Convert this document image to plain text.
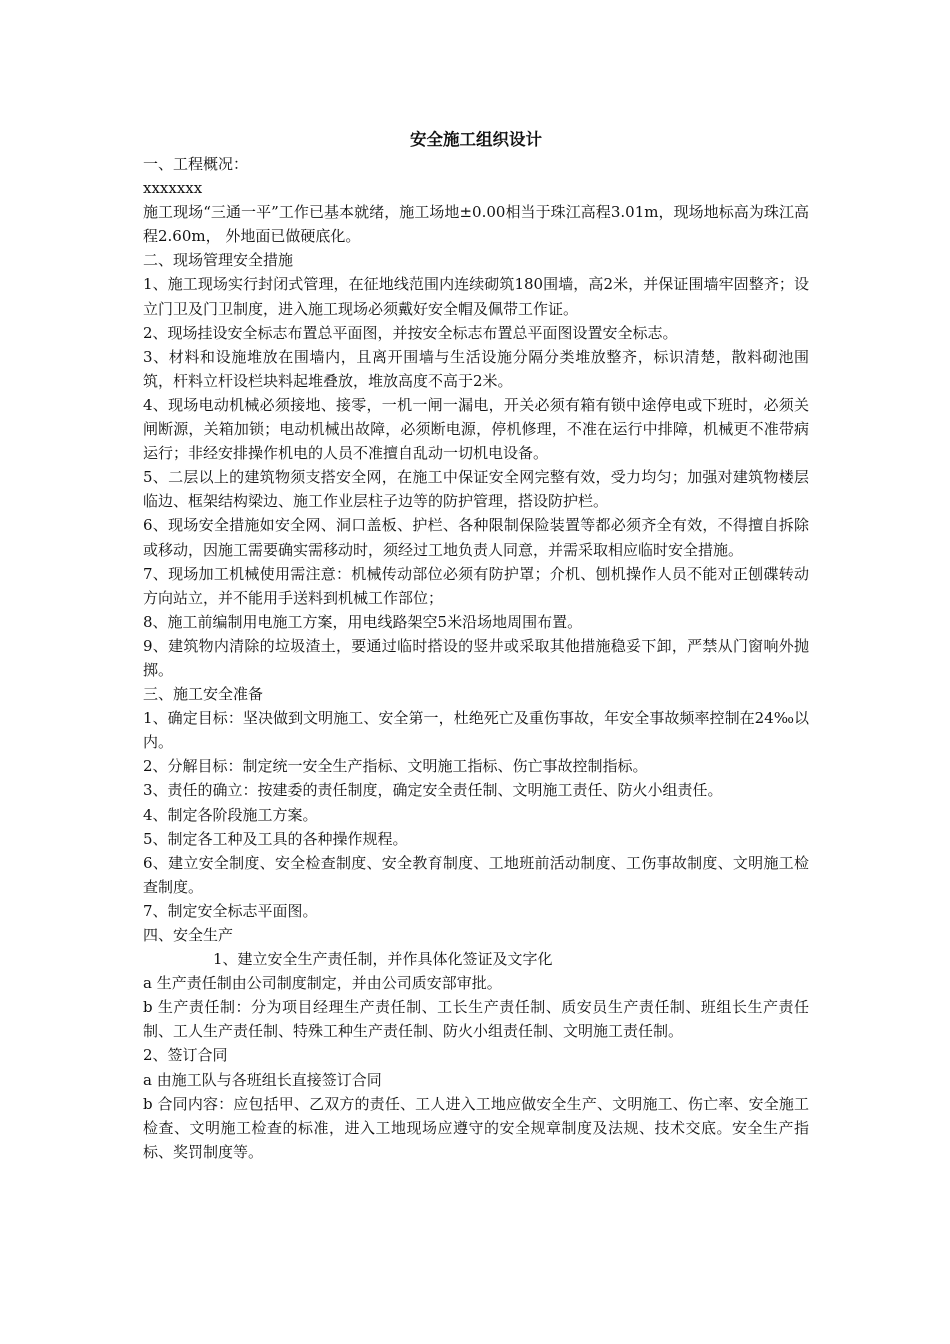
安全施工组织设计

一、工程概况：

xxxxxxx

施工现场“三通一平”工作已基本就绪，施工场地±0.00相当于珠江高程3.01m，现场地标高为珠江高程2.60m， 外地面已做硬底化。

二、现场管理安全措施

1、施工现场实行封闭式管理，在征地线范围内连续砌筑180围墙，高2米，并保证围墙牢固整齐；设立门卫及门卫制度，进入施工现场必须戴好安全帽及佩带工作证。

2、现场挂设安全标志布置总平面图，并按安全标志布置总平面图设置安全标志。

3、材料和设施堆放在围墙内，且离开围墙与生活设施分隔分类堆放整齐，标识清楚，散料砌池围筑，杆料立杆设栏块料起堆叠放，堆放高度不高于2米。

4、现场电动机械必须接地、接零，一机一闸一漏电，开关必须有箱有锁中途停电或下班时，必须关闸断源，关箱加锁；电动机械出故障，必须断电源，停机修理，不准在运行中排障，机械更不准带病运行；非经安排操作机电的人员不准擅自乱动一切机电设备。

5、二层以上的建筑物须支搭安全网，在施工中保证安全网完整有效，受力均匀；加强对建筑物楼层临边、框架结构梁边、施工作业层柱子边等的防护管理，搭设防护栏。

6、现场安全措施如安全网、洞口盖板、护栏、各种限制保险装置等都必须齐全有效，不得擅自拆除或移动，因施工需要确实需移动时，须经过工地负责人同意，并需采取相应临时安全措施。

7、现场加工机械使用需注意：机械传动部位必须有防护罩；介机、刨机操作人员不能对正刨碟转动方向站立，并不能用手送料到机械工作部位；

8、施工前编制用电施工方案，用电线路架空5米沿场地周围布置。

9、建筑物内清除的垃圾渣土，要通过临时搭设的竖井或采取其他措施稳妥下卸，严禁从门窗响外抛掷。

三、施工安全准备

1、确定目标：坚决做到文明施工、安全第一，杜绝死亡及重伤事故，年安全事故频率控制在24‰以内。

2、分解目标：制定统一安全生产指标、文明施工指标、伤亡事故控制指标。

3、责任的确立：按建委的责任制度，确定安全责任制、文明施工责任、防火小组责任。

4、制定各阶段施工方案。

5、制定各工种及工具的各种操作规程。

6、建立安全制度、安全检查制度、安全教育制度、工地班前活动制度、工伤事故制度、文明施工检查制度。

7、制定安全标志平面图。

四、安全生产

1、建立安全生产责任制，并作具体化签证及文字化

a 生产责任制由公司制度制定，并由公司质安部审批。

b 生产责任制：分为项目经理生产责任制、工长生产责任制、质安员生产责任制、班组长生产责任制、工人生产责任制、特殊工种生产责任制、防火小组责任制、文明施工责任制。

2、签订合同

a 由施工队与各班组长直接签订合同

b 合同内容：应包括甲、乙双方的责任、工人进入工地应做安全生产、文明施工、伤亡率、安全施工检查、文明施工检查的标准，进入工地现场应遵守的安全规章制度及法规、技术交底。安全生产指标、奖罚制度等。
